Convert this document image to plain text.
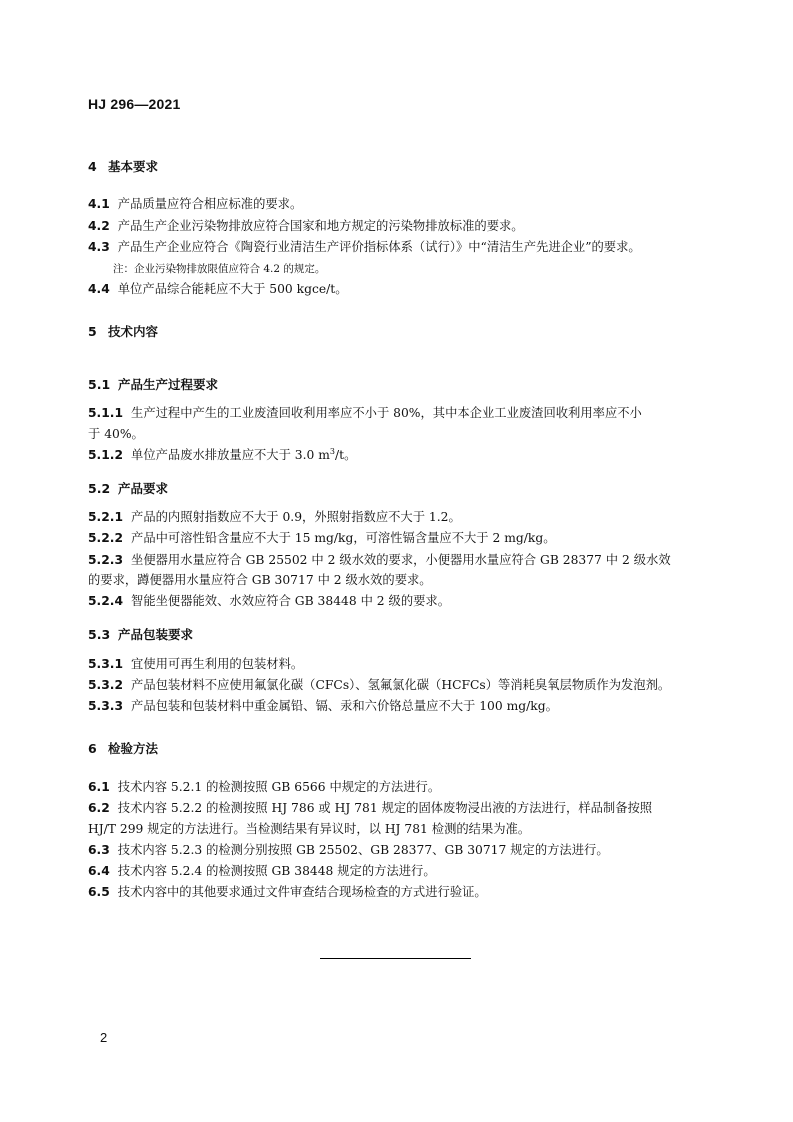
HJ 296—2021
4 基本要求
4.1 产品质量应符合相应标准的要求。
4.2 产品生产企业污染物排放应符合国家和地方规定的污染物排放标准的要求。
4.3 产品生产企业应符合《陶瓷行业清洁生产评价指标体系（试行）》中“清洁生产先进企业”的要求。
注：企业污染物排放限值应符合 4.2 的规定。
4.4 单位产品综合能耗应不大于 500 kgce/t。
5 技术内容
5.1 产品生产过程要求
5.1.1 生产过程中产生的工业废渣回收利用率应不小于 80%，其中本企业工业废渣回收利用率应不小
于 40%。
5.1.2 单位产品废水排放量应不大于 3.0 $m^3/t$。
5.2 产品要求
5.2.1 产品的内照射指数应不大于 0.9，外照射指数应不大于 1.2。
5.2.2 产品中可溶性铅含量应不大于 15 mg/kg，可溶性镉含量应不大于 2 mg/kg。
5.2.3 坐便器用水量应符合 GB 25502 中 2 级水效的要求，小便器用水量应符合 GB 28377 中 2 级水效
的要求，蹲便器用水量应符合 GB 30717 中 2 级水效的要求。
5.2.4 智能坐便器能效、水效应符合 GB 38448 中 2 级的要求。
5.3 产品包装要求
5.3.1 宜使用可再生利用的包装材料。
5.3.2 产品包装材料不应使用氟氯化碳（CFCs）、氢氟氯化碳（HCFCs）等消耗臭氧层物质作为发泡剂。
5.3.3 产品包装和包装材料中重金属铅、镉、汞和六价铬总量应不大于 100 mg/kg。
6 检验方法
6.1 技术内容 5.2.1 的检测按照 GB 6566 中规定的方法进行。
6.2 技术内容 5.2.2 的检测按照 HJ 786 或 HJ 781 规定的固体废物浸出液的方法进行，样品制备按照
HJ/T 299 规定的方法进行。当检测结果有异议时，以 HJ 781 检测的结果为准。
6.3 技术内容 5.2.3 的检测分别按照 GB 25502、GB 28377、GB 30717 规定的方法进行。
6.4 技术内容 5.2.4 的检测按照 GB 38448 规定的方法进行。
6.5 技术内容中的其他要求通过文件审查结合现场检查的方式进行验证。
2
